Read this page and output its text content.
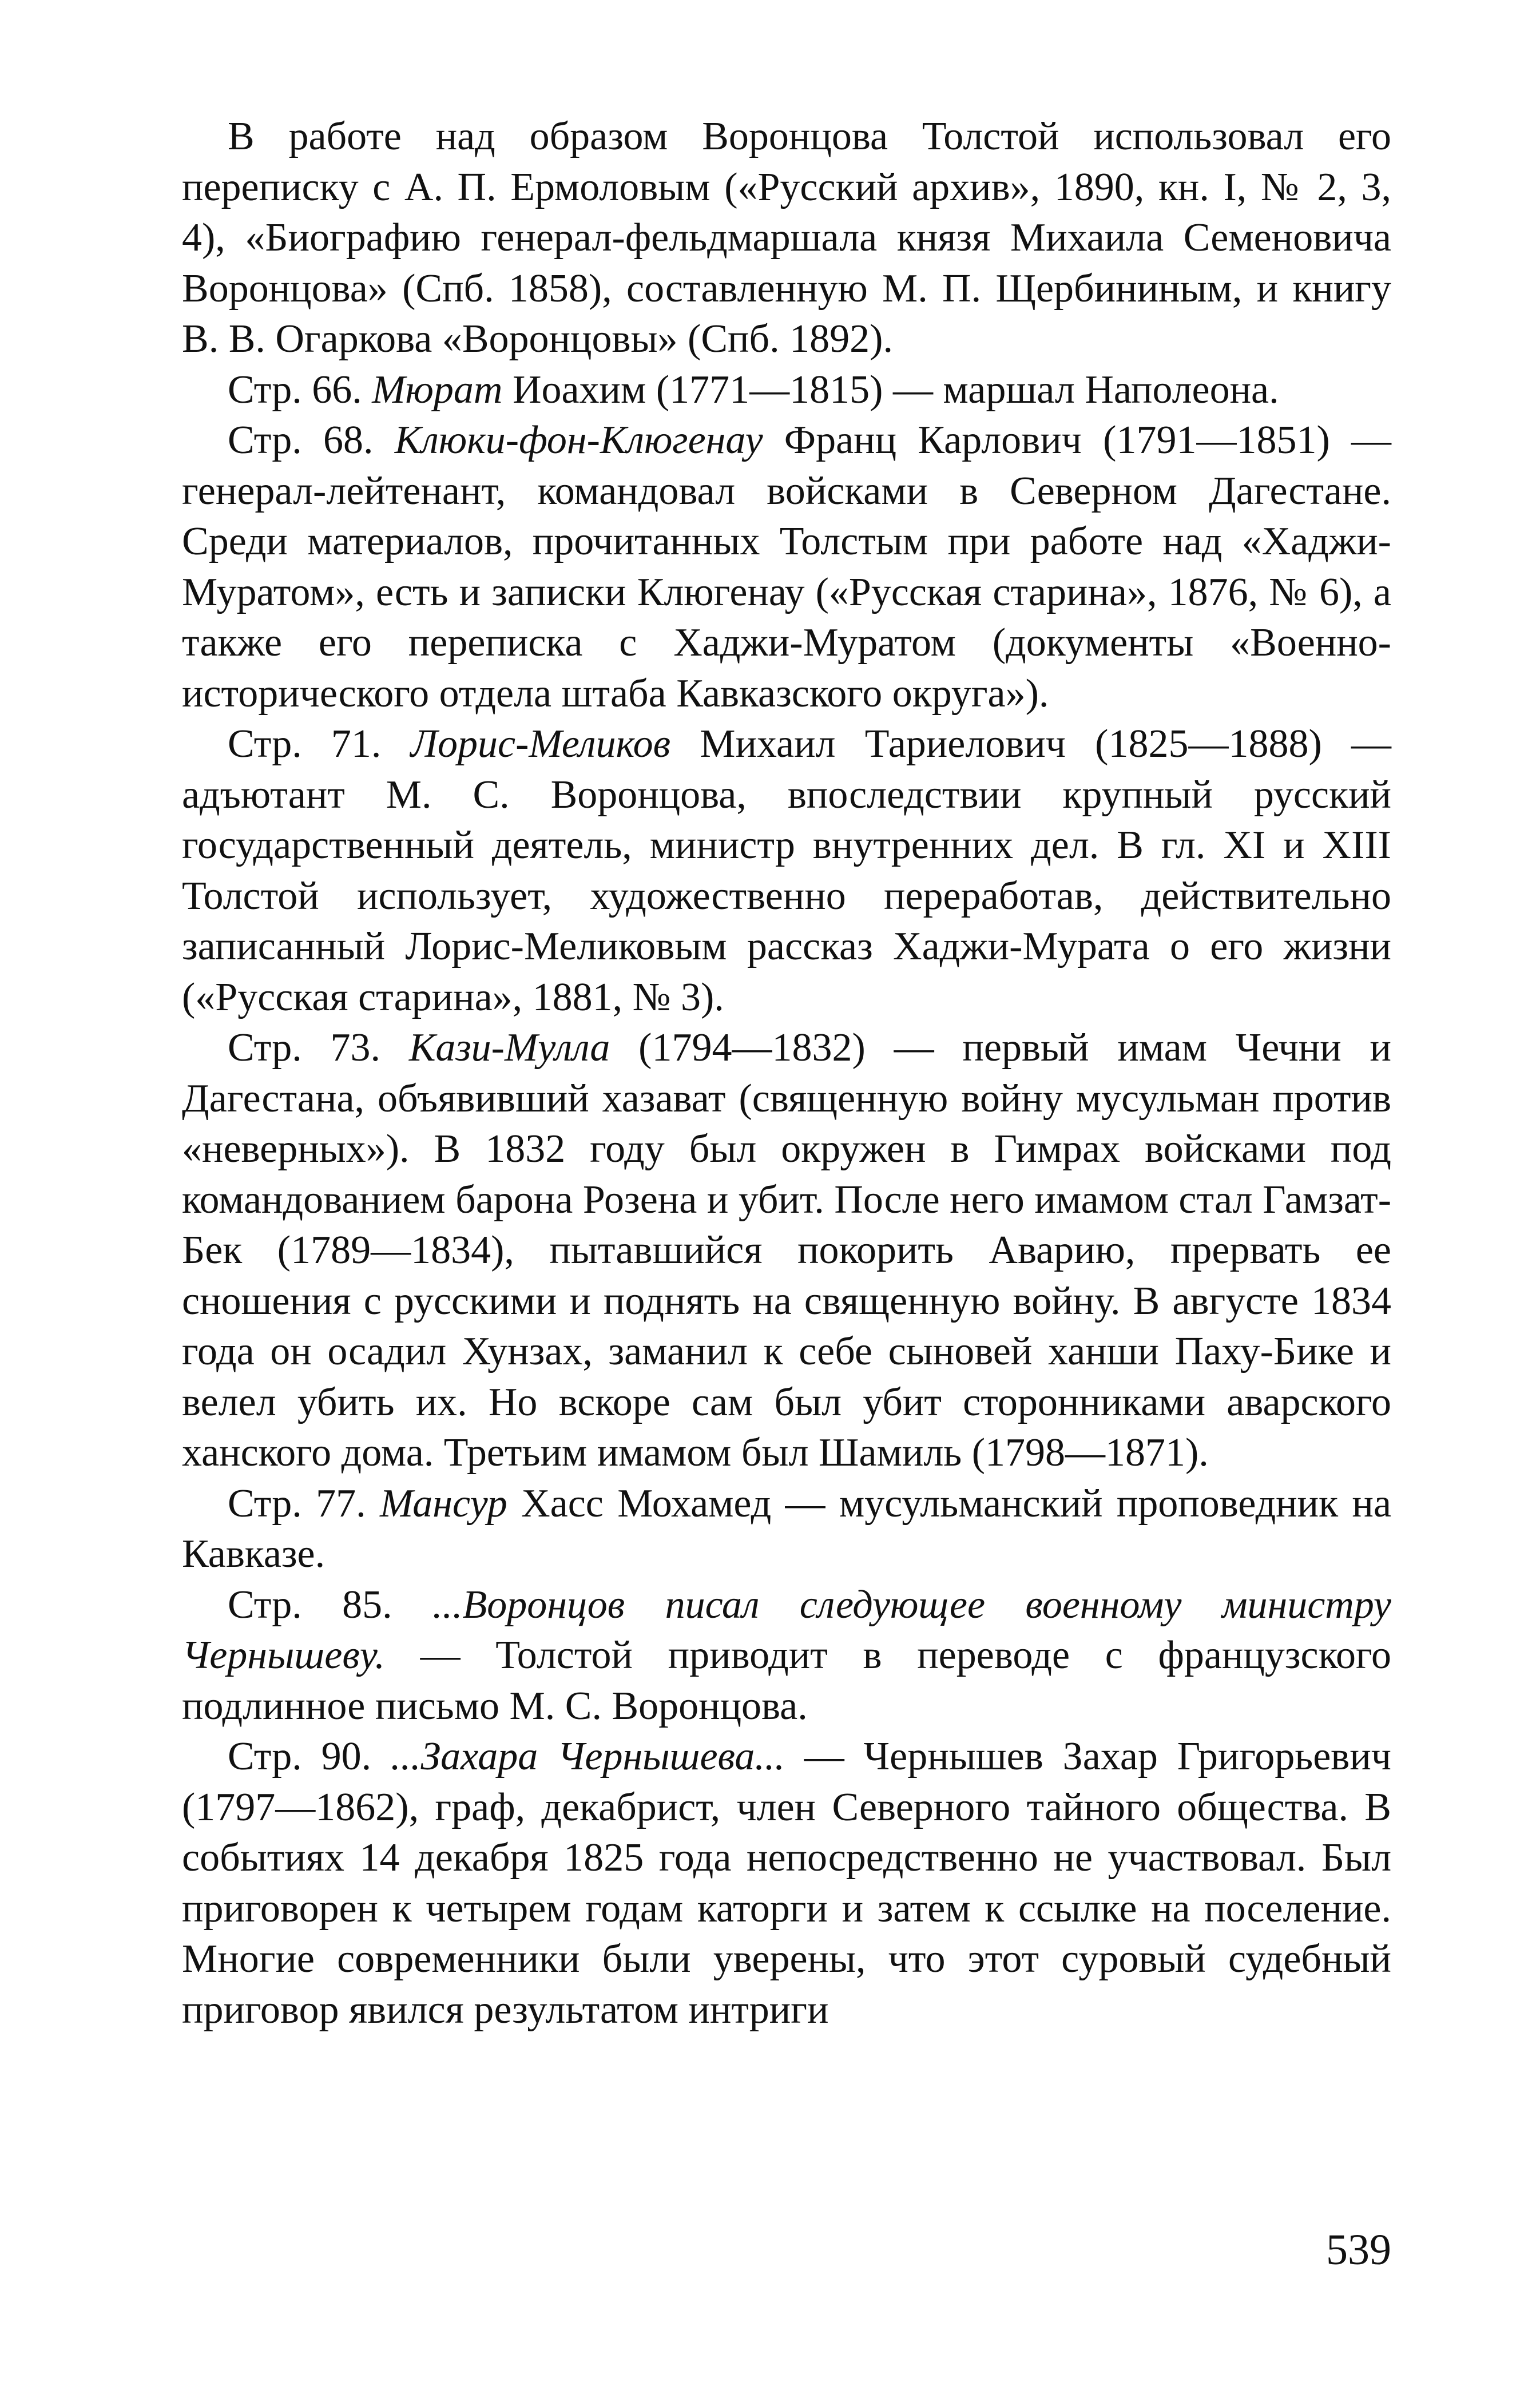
В работе над образом Воронцова Толстой использовал его переписку с А. П. Ермоловым («Русский архив», 1890, кн. I, № 2, 3, 4), «Биографию генерал-фельдмаршала князя Михаила Семеновича Воронцова» (Спб. 1858), составленную М. П. Щербининым, и книгу В. В. Огаркова «Воронцовы» (Спб. 1892).

Стр. 66. Мюрат Иоахим (1771—1815) — маршал Наполеона.

Стр. 68. Клюки-фон-Клюгенау Франц Карлович (1791—1851) — генерал-лейтенант, командовал войсками в Северном Дагестане. Среди материалов, прочитанных Толстым при работе над «Хаджи-Муратом», есть и записки Клюгенау («Русская старина», 1876, № 6), а также его переписка с Хаджи-Муратом (документы «Военно-исторического отдела штаба Кавказского округа»).

Стр. 71. Лорис-Меликов Михаил Тариелович (1825—1888) — адъютант М. С. Воронцова, впоследствии крупный русский государственный деятель, министр внутренних дел. В гл. XI и XIII Толстой использует, художественно переработав, действительно записанный Лорис-Меликовым рассказ Хаджи-Мурата о его жизни («Русская старина», 1881, № 3).

Стр. 73. Кази-Мулла (1794—1832) — первый имам Чечни и Дагестана, объявивший хазават (священную войну мусульман против «неверных»). В 1832 году был окружен в Гимрах войсками под командованием барона Розена и убит. После него имамом стал Гамзат-Бек (1789—1834), пытавшийся покорить Аварию, прервать ее сношения с русскими и поднять на священную войну. В августе 1834 года он осадил Хунзах, заманил к себе сыновей ханши Паху-Бике и велел убить их. Но вскоре сам был убит сторонниками аварского ханского дома. Третьим имамом был Шамиль (1798—1871).

Стр. 77. Мансур Хасс Мохамед — мусульманский проповедник на Кавказе.

Стр. 85. ...Воронцов писал следующее военному министру Чернышеву. — Толстой приводит в переводе с французского подлинное письмо М. С. Воронцова.

Стр. 90. ...Захара Чернышева... — Чернышев Захар Григорьевич (1797—1862), граф, декабрист, член Северного тайного общества. В событиях 14 декабря 1825 года непосредственно не участвовал. Был приговорен к четырем годам каторги и затем к ссылке на поселение. Многие современники были уверены, что этот суровый судебный приговор явился результатом интриги

539
